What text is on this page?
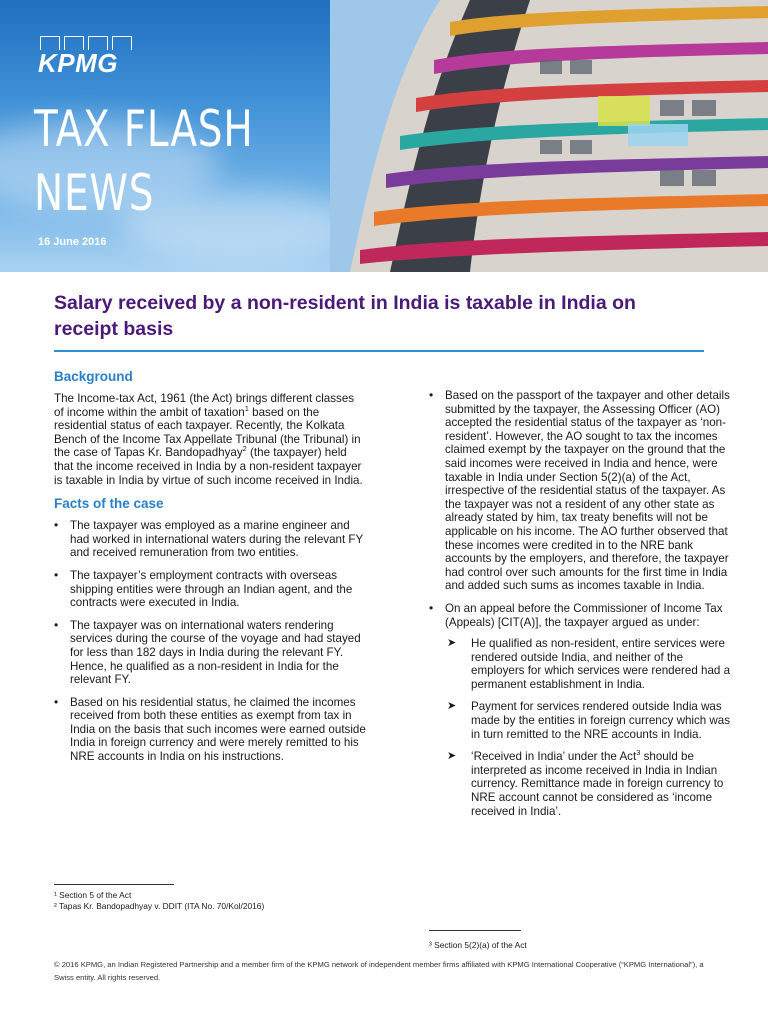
KPMG
TAX FLASH
NEWS
16 June 2016
Salary received by a non-resident in India is taxable in India on receipt basis
Background

The Income-tax Act, 1961 (the Act) brings different classes of income within the ambit of taxation$^1$ based on the residential status of each taxpayer. Recently, the Kolkata Bench of the Income Tax Appellate Tribunal (the Tribunal) in the case of Tapas Kr. Bandopadhyay$^2$ (the taxpayer) held that the income received in India by a non-resident taxpayer is taxable in India by virtue of such income received in India.

Facts of the case
• The taxpayer was employed as a marine engineer and had worked in international waters during the relevant FY and received remuneration from two entities.
• The taxpayer’s employment contracts with overseas shipping entities were through an Indian agent, and the contracts were executed in India.
• The taxpayer was on international waters rendering services during the course of the voyage and had stayed for less than 182 days in India during the relevant FY. Hence, he qualified as a non-resident in India for the relevant FY.
• Based on his residential status, he claimed the incomes received from both these entities as exempt from tax in India on the basis that such incomes were earned outside India in foreign currency and were merely remitted to his NRE accounts in India on his instructions.
• Based on the passport of the taxpayer and other details submitted by the taxpayer, the Assessing Officer (AO) accepted the residential status of the taxpayer as ‘non-resident’. However, the AO sought to tax the incomes claimed exempt by the taxpayer on the ground that the said incomes were received in India and hence, were taxable in India under Section 5(2)(a) of the Act, irrespective of the residential status of the taxpayer. As the taxpayer was not a resident of any other state as already stated by him, tax treaty benefits will not be applicable on his income. The AO further observed that these incomes were credited in to the NRE bank accounts by the employers, and therefore, the taxpayer had control over such amounts for the first time in India and added such sums as incomes taxable in India.
• On an appeal before the Commissioner of Income Tax (Appeals) [CIT(A)], the taxpayer argued as under:
➤ He qualified as non-resident, entire services were rendered outside India, and neither of the employers for which services were rendered had a permanent establishment in India.
➤ Payment for services rendered outside India was made by the entities in foreign currency which was in turn remitted to the NRE accounts in India.
➤ ‘Received in India’ under the Act$^3$ should be interpreted as income received in India in Indian currency. Remittance made in foreign currency to NRE account cannot be considered as ‘income received in India’.
¹ Section 5 of the Act
² Tapas Kr. Bandopadhyay v. DDIT (ITA No. 70/Kol/2016)
³ Section 5(2)(a) of the Act
© 2016 KPMG, an Indian Registered Partnership and a member firm of the KPMG network of independent member firms affiliated with KPMG International Cooperative (“KPMG International”), a Swiss entity. All rights reserved.
